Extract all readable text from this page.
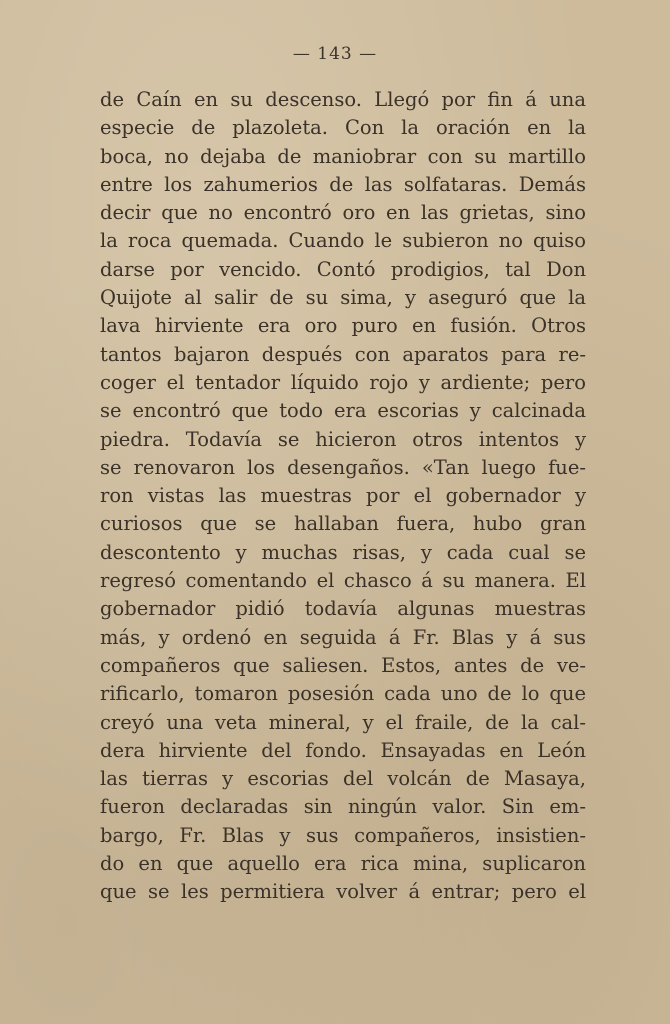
— 143 —
de Caín en su descenso. Llegó por fin á una
especie de plazoleta. Con la oración en la
boca, no dejaba de maniobrar con su martillo
entre los zahumerios de las solfataras. Demás
decir que no encontró oro en las grietas, sino
la roca quemada. Cuando le subieron no quiso
darse por vencido. Contó prodigios, tal Don
Quijote al salir de su sima, y aseguró que la
lava hirviente era oro puro en fusión. Otros
tantos bajaron después con aparatos para re-
coger el tentador líquido rojo y ardiente; pero
se encontró que todo era escorias y calcinada
piedra. Todavía se hicieron otros intentos y
se renovaron los desengaños. «Tan luego fue-
ron vistas las muestras por el gobernador y
curiosos que se hallaban fuera, hubo gran
descontento y muchas risas, y cada cual se
regresó comentando el chasco á su manera. El
gobernador pidió todavía algunas muestras
más, y ordenó en seguida á Fr. Blas y á sus
compañeros que saliesen. Estos, antes de ve-
rificarlo, tomaron posesión cada uno de lo que
creyó una veta mineral, y el fraile, de la cal-
dera hirviente del fondo. Ensayadas en León
las tierras y escorias del volcán de Masaya,
fueron declaradas sin ningún valor. Sin em-
bargo, Fr. Blas y sus compañeros, insistien-
do en que aquello era rica mina, suplicaron
que se les permitiera volver á entrar; pero el
